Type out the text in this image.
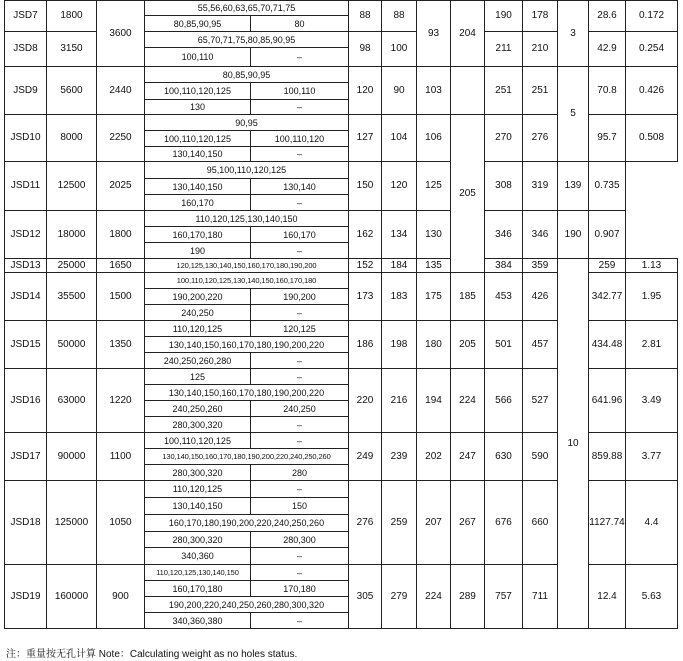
JSD7	1800	3600	55,56,60,63,65,70,71,75		88	88	93	204	190	178	3	28.6	0.172
			80,85,90,95	80									
JSD8	3150		65,70,71,75,80,85,90,95		98	100			211	210		42.9	0.254
			100,110	–									
JSD9	5600	2440	80,85,90,95		120	90	103		251	251	5	70.8	0.426
			100,110,120,125	100,110									
			130	–									
JSD10	8000	2250	90,95		127	104	106	205	270	276		95.7	0.508
			100,110,120,125	100,110,120									
			130,140,150	–									
JSD11	12500	2025	95,100,110,120,125		150	120	125		308	319	139	0.735	
			130,140,150	130,140									
			160,170	–									
JSD12	18000	1800	110,120,125,130,140,150		162	134	130		346	346	190	0.907	
			160,170,180	160,170									
			190	–									
JSD13	25000	1650	120,125,130,140,150,160,170,180,190,200		152	184	135		384	359	10	259	1.13
JSD14	35500	1500	100,110,120,125,130,140,150,160,170,180		173	183	175	185	453	426		342.77	1.95
			190,200,220	190,200									
			240,250	–									
JSD15	50000	1350	110,120,125	120,125	186	198	180	205	501	457		434.48	2.81
			130,140,150,160,170,180,190,200,220										
			240,250,260,280	–									
JSD16	63000	1220	125	–	220	216	194	224	566	527		641.96	3.49
			130,140,150,160,170,180,190,200,220										
			240,250,260	240,250									
			280,300,320	–									
JSD17	90000	1100	100,110,120,125	–	249	239	202	247	630	590		859.88	3.77
			130,140,150,160,170,180,190,200,220,240,250,260										
			280,300,320	280									
JSD18	125000	1050	110,120,125	–	276	259	207	267	676	660		1127.74	4.4
			130,140,150	150									
			160,170,180,190,200,220,240,250,260										
			280,300,320	280,300									
			340,360	–									
JSD19	160000	900	110,120,125,130,140,150	–	305	279	224	289	757	711		12.4	5.63
			160,170,180	170,180									
			190,200,220,240,250,260,280,300,320										
			340,360,380	–									
注：重量按无孔计算 Note：Calculating weight as no holes status.
